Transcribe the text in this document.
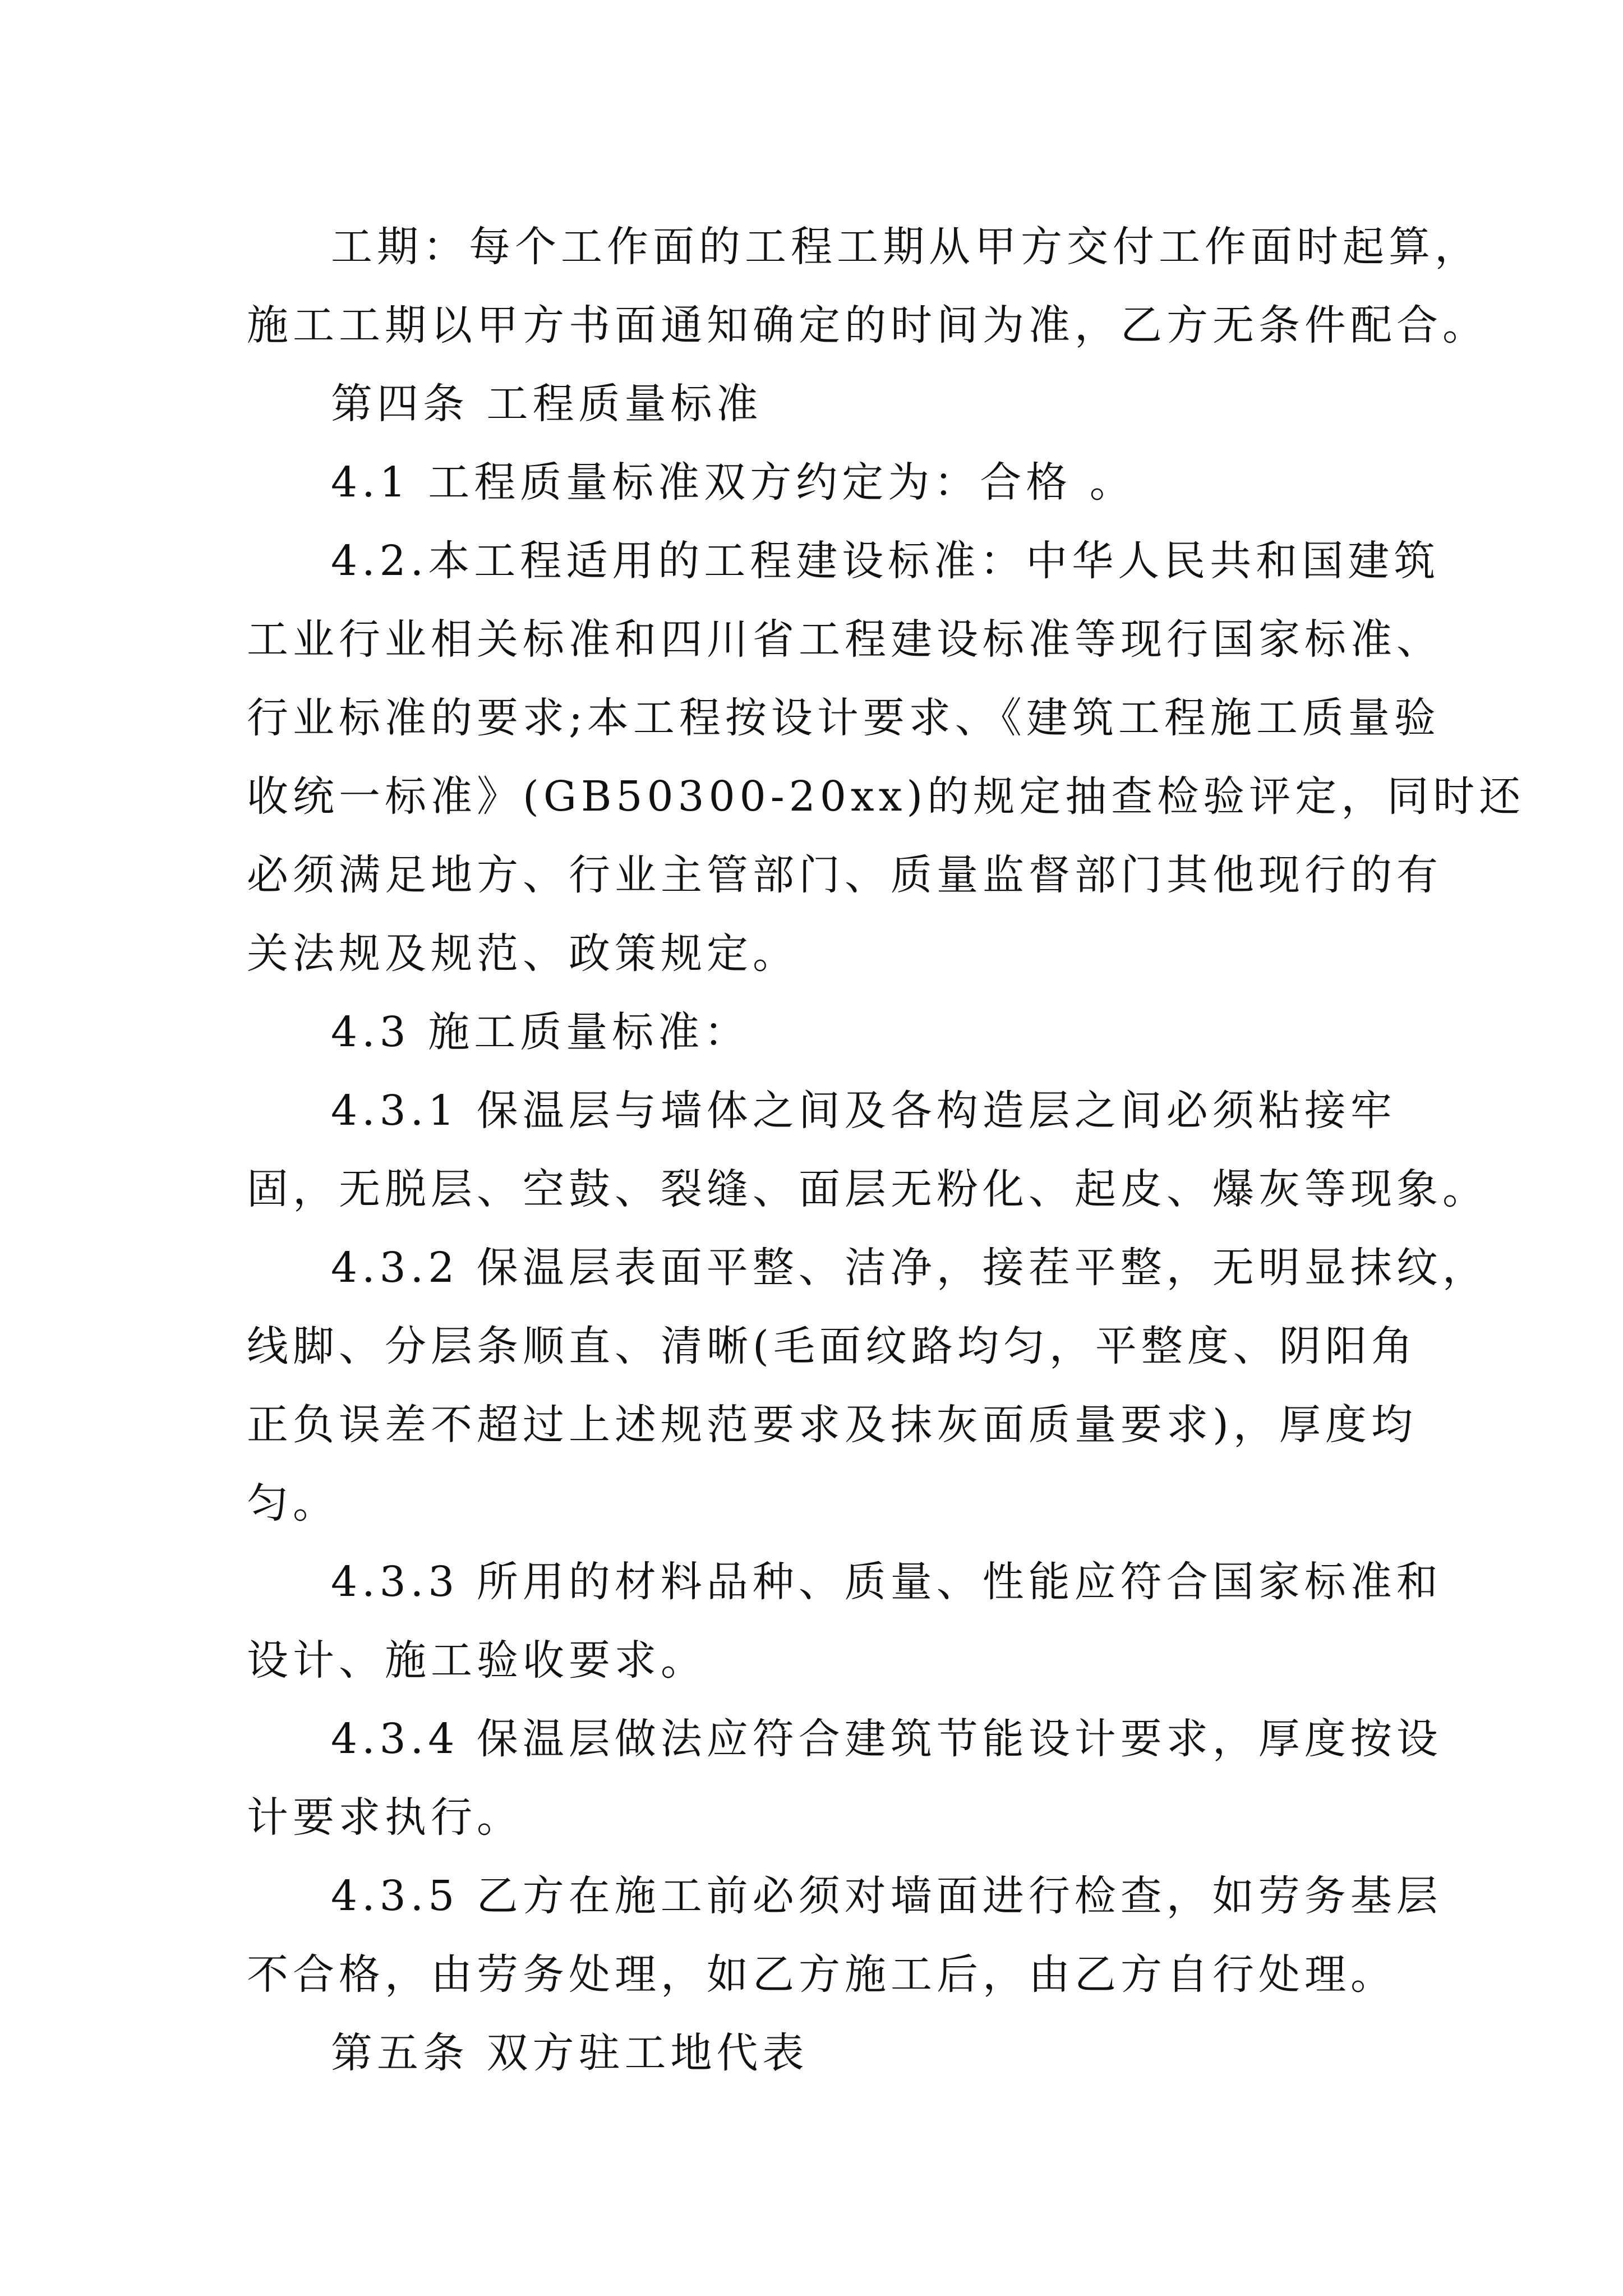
工期：每个工作面的工程工期从甲方交付工作面时起算，
施工工期以甲方书面通知确定的时间为准，乙方无条件配合。
第四条 工程质量标准
4.1 工程质量标准双方约定为：合格 。
4.2.本工程适用的工程建设标准：中华人民共和国建筑
工业行业相关标准和四川省工程建设标准等现行国家标准、
行业标准的要求;本工程按设计要求、《建筑工程施工质量验
收统一标准》(GB50300-20xx)的规定抽查检验评定，同时还
必须满足地方、行业主管部门、质量监督部门其他现行的有
关法规及规范、政策规定。
4.3 施工质量标准：
4.3.1 保温层与墙体之间及各构造层之间必须粘接牢
固，无脱层、空鼓、裂缝、面层无粉化、起皮、爆灰等现象。
4.3.2 保温层表面平整、洁净，接茬平整，无明显抹纹，
线脚、分层条顺直、清晰(毛面纹路均匀，平整度、阴阳角
正负误差不超过上述规范要求及抹灰面质量要求)，厚度均
匀。
4.3.3 所用的材料品种、质量、性能应符合国家标准和
设计、施工验收要求。
4.3.4 保温层做法应符合建筑节能设计要求，厚度按设
计要求执行。
4.3.5 乙方在施工前必须对墙面进行检查，如劳务基层
不合格，由劳务处理，如乙方施工后，由乙方自行处理。
第五条 双方驻工地代表
